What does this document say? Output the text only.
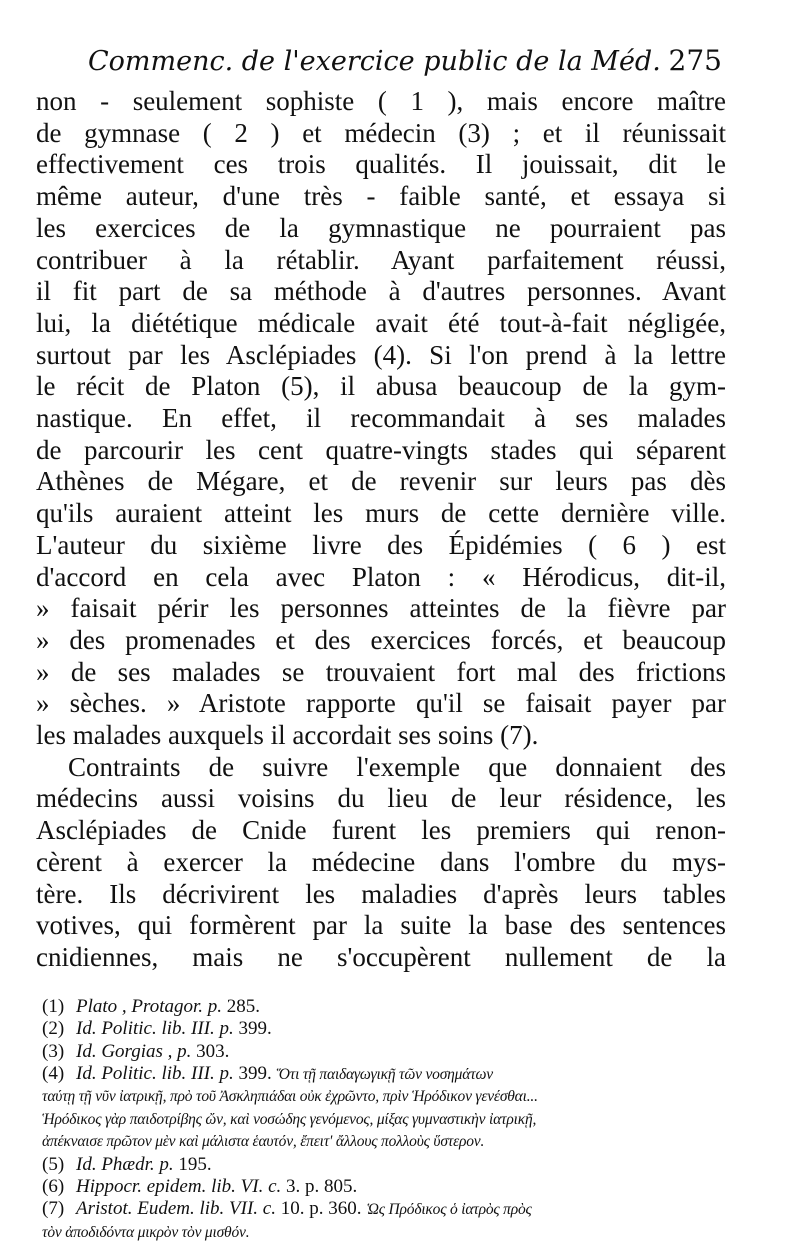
Commenc. de l'exercice public de la Méd. 275
non - seulement sophiste ( 1 ), mais encore maître
de gymnase ( 2 ) et médecin (3) ; et il réunissait
effectivement ces trois qualités. Il jouissait, dit le
même auteur, d'une très - faible santé, et essaya si
les exercices de la gymnastique ne pourraient pas
contribuer à la rétablir. Ayant parfaitement réussi,
il fit part de sa méthode à d'autres personnes. Avant
lui, la diététique médicale avait été tout-à-fait négligée,
surtout par les Asclépiades (4). Si l'on prend à la lettre
le récit de Platon (5), il abusa beaucoup de la gym-
nastique. En effet, il recommandait à ses malades
de parcourir les cent quatre-vingts stades qui séparent
Athènes de Mégare, et de revenir sur leurs pas dès
qu'ils auraient atteint les murs de cette dernière ville.
L'auteur du sixième livre des Épidémies ( 6 ) est
d'accord en cela avec Platon : « Hérodicus, dit-il,
» faisait périr les personnes atteintes de la fièvre par
» des promenades et des exercices forcés, et beaucoup
» de ses malades se trouvaient fort mal des frictions
» sèches. » Aristote rapporte qu'il se faisait payer par
les malades auxquels il accordait ses soins (7).
Contraints de suivre l'exemple que donnaient des
médecins aussi voisins du lieu de leur résidence, les
Asclépiades de Cnide furent les premiers qui renon-
cèrent à exercer la médecine dans l'ombre du mys-
tère. Ils décrivirent les maladies d'après leurs tables
votives, qui formèrent par la suite la base des sentences
cnidiennes, mais ne s'occupèrent nullement de la
(1) Plato , Protagor. p. 285.
(2) Id. Politic. lib. III. p. 399.
(3) Id. Gorgias , p. 303.
(4) Id. Politic. lib. III. p. 399. Ὅτι τῇ παιδαγωγικῇ τῶν νοσημάτων
ταύτῃ τῇ νῦν ἰατρικῇ, πρὸ τοῦ Ἀσκληπιάδαι οὐκ ἐχρῶντο, πρὶν Ἡρόδικον γενέσθαι...
Ἡρόδικος γὰρ παιδοτρίβης ὤν, καὶ νοσώδης γενόμενος, μίξας γυμναστικὴν ἰατρικῇ,
ἀπέκναισε πρῶτον μὲν καὶ μάλιστα ἑαυτόν, ἔπειτ' ἄλλους πολλοὺς ὕστερον.
(5) Id. Phædr. p. 195.
(6) Hippocr. epidem. lib. VI. c. 3. p. 805.
(7) Aristot. Eudem. lib. VII. c. 10. p. 360. Ὡς Πρόδικος ὁ ἰατρὸς πρὸς
τὸν ἀποδιδόντα μικρὸν τὸν μισθόν.
